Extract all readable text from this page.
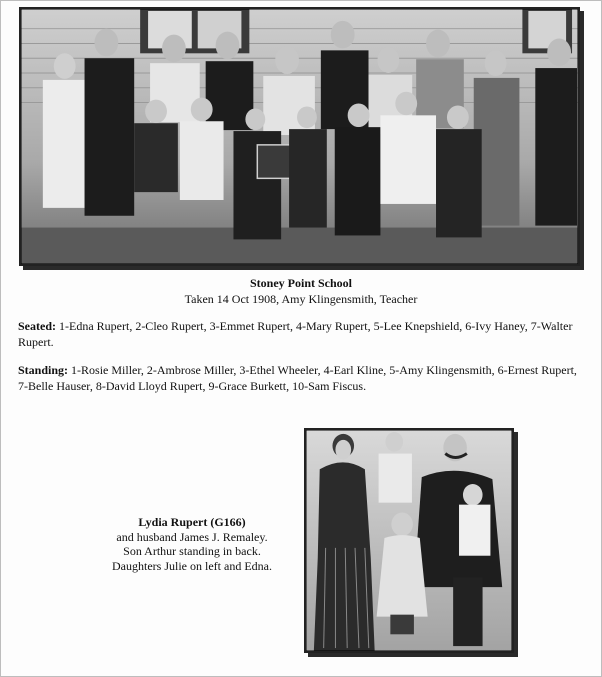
Stoney Point School
Taken 14 Oct 1908, Amy Klingensmith, Teacher
Seated: 1-Edna Rupert, 2-Cleo Rupert, 3-Emmet Rupert, 4-Mary Rupert, 5-Lee Knepshield, 6-Ivy Haney, 7-Walter Rupert.
Standing: 1-Rosie Miller, 2-Ambrose Miller, 3-Ethel Wheeler, 4-Earl Kline, 5-Amy Klingensmith, 6-Ernest Rupert, 7-Belle Hauser, 8-David Lloyd Rupert, 9-Grace Burkett, 10-Sam Fiscus.
Lydia Rupert (G166)
and husband James J. Remaley.
Son Arthur standing in back.
Daughters Julie on left and Edna.
